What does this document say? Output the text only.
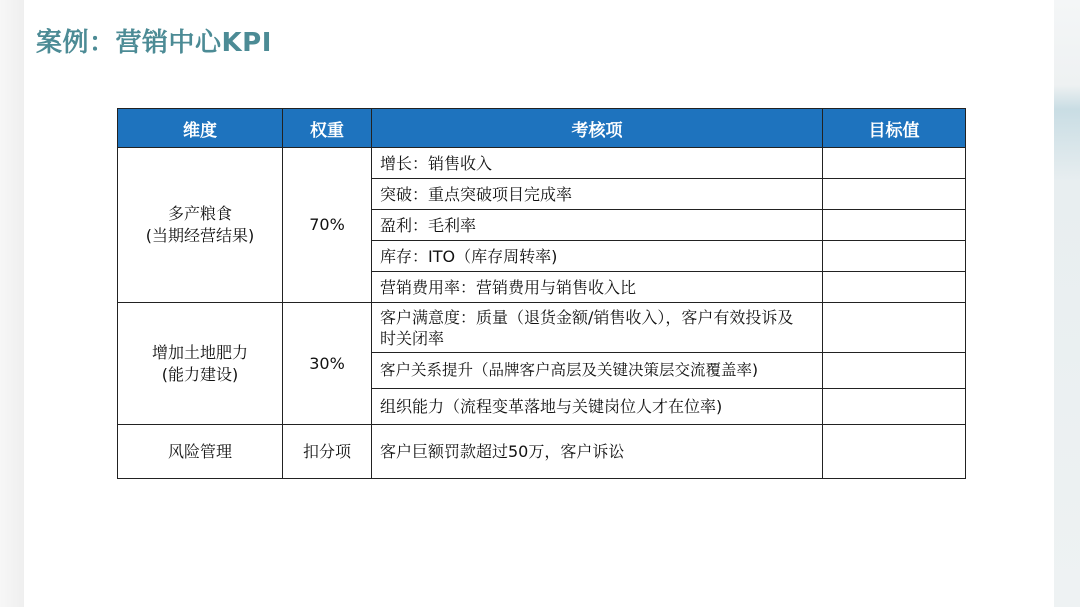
案例：营销中心KPI
维度	权重	考核项	目标值

多产粮食
(当期经营结果)	70%	增长：销售收入	
		突破：重点突破项目完成率	
		盈利：毛利率	
		库存：ITO（库存周转率)	
		营销费用率：营销费用与销售收入比	

增加土地肥力
(能力建设)	30%	客户满意度：质量（退货金额/销售收入），客户有效投诉及时关闭率	
		客户关系提升（品牌客户高层及关键决策层交流覆盖率)	
		组织能力（流程变革落地与关键岗位人才在位率)	

风险管理	扣分项	客户巨额罚款超过50万，客户诉讼	
